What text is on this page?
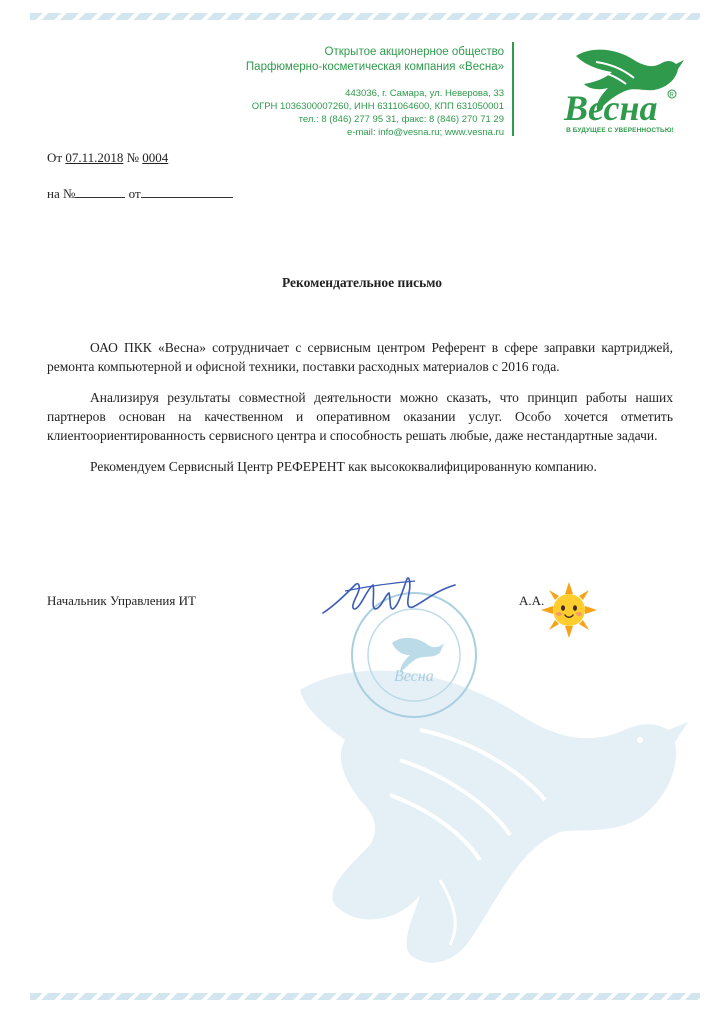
Открытое акционерное общество
Парфюмерно-косметическая компания «Весна»
443036, г. Самара, ул. Неверова, 33
ОГРН 1036300007260, ИНН 6311064600, КПП 631050001
тел.: 8 (846) 277 95 31, факс: 8 (846) 270 71 29
e-mail: info@vesna.ru; www.vesna.ru
Весна R
В БУДУЩЕЕ С УВЕРЕННОСТЬЮ!
От 07.11.2018 № 0004
на №	от
Рекомендательное письмо

ОАО ПКК «Весна» сотрудничает с сервисным центром Референт в сфере заправки картриджей, ремонта компьютерной и офисной техники, поставки расходных материалов с 2016 года.

Анализируя результаты совместной деятельности можно сказать, что принцип работы наших партнеров основан на качественном и оперативном оказании услуг. Особо хочется отметить клиентоориентированность сервисного центра и способность решать любые, даже нестандартные задачи.

Рекомендуем Сервисный Центр РЕФЕРЕНТ как высококвалифицированную компанию.

Весна
Начальник Управления ИТ	А.А.
